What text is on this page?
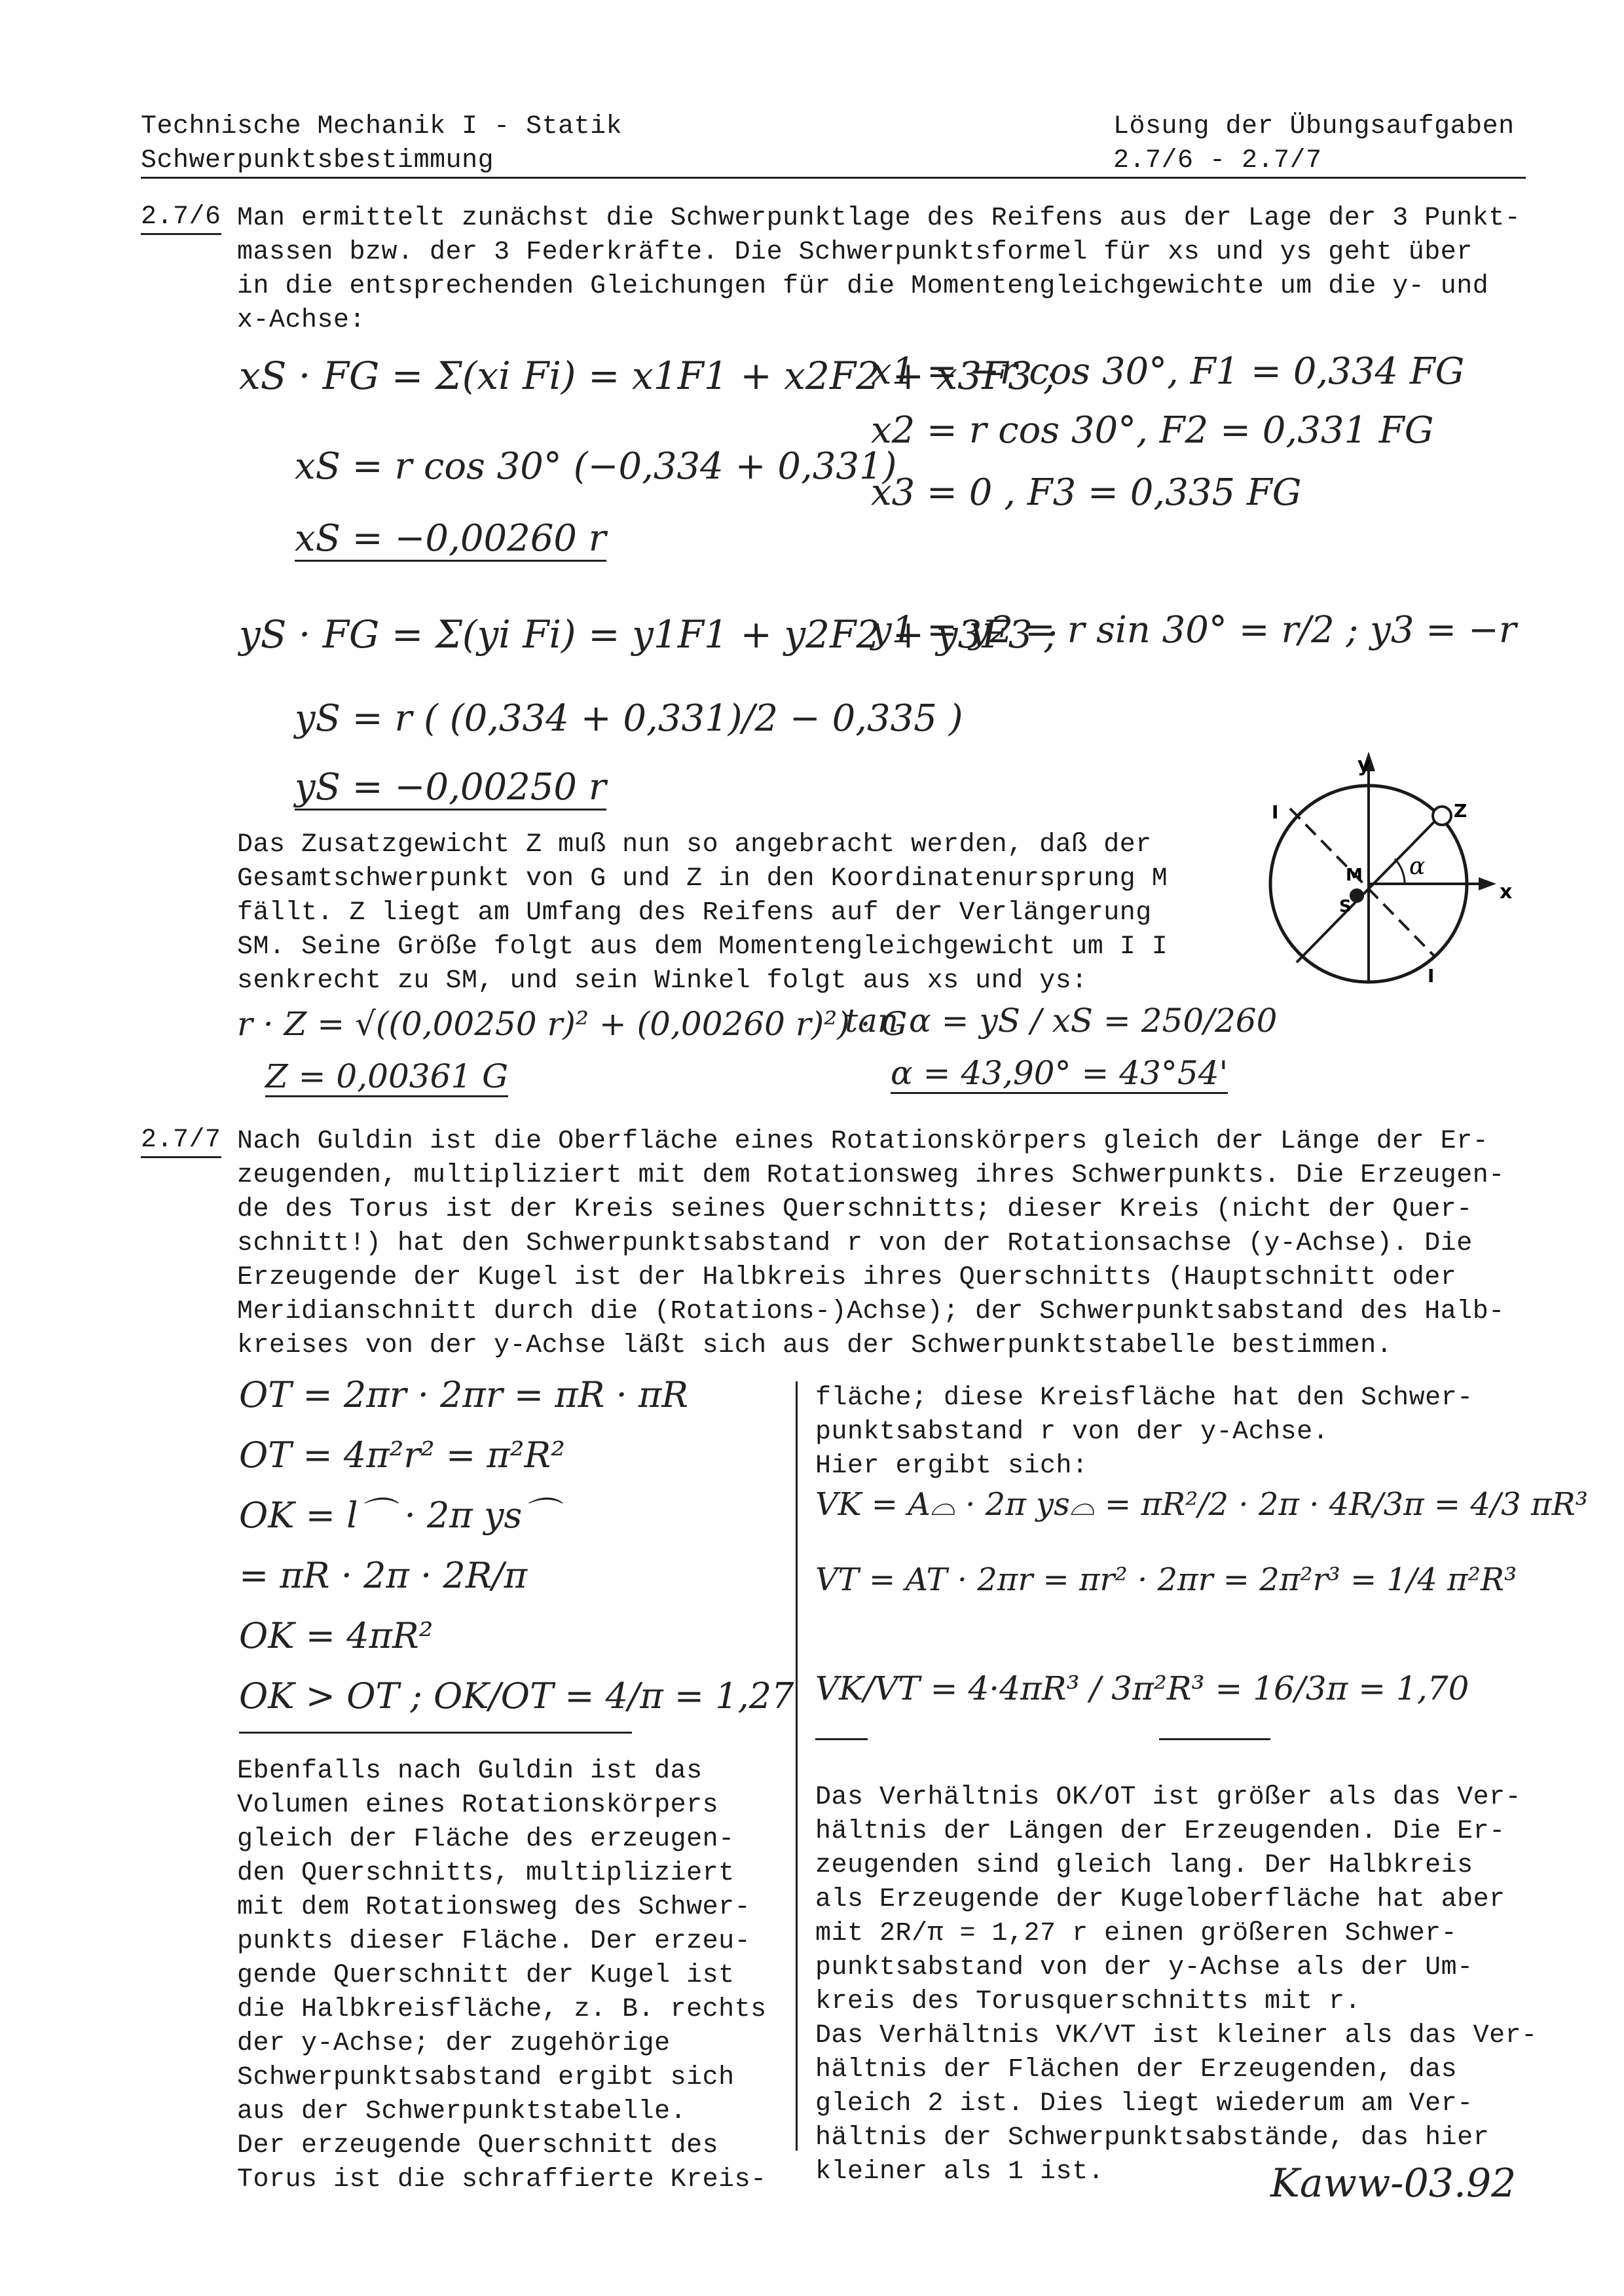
Technische Mechanik I - Statik
Schwerpunktsbestimmung
Lösung der Übungsaufgaben
2.7/6 - 2.7/7
2.7/6 Man ermittelt zunächst die Schwerpunktlage des Reifens aus der Lage der 3 Punkt-
massen bzw. der 3 Federkräfte. Die Schwerpunktsformel für xs und ys geht über
in die entsprechenden Gleichungen für die Momentengleichgewichte um die y- und
x-Achse:
xS · FG = Σ(xi Fi) = x1F1 + x2F2 + x3F3 ;
x1 = −r cos 30°, F1 = 0,334 FG
x2 = r cos 30°, F2 = 0,331 FG
x3 = 0 , F3 = 0,335 FG
xS = r cos 30° (−0,334 + 0,331)
xS = −0,00260 r
yS · FG = Σ(yi Fi) = y1F1 + y2F2 + y3F3 ;
y1 = y2 = r sin 30° = r/2 ; y3 = −r
yS = r ( (0,334 + 0,331)/2 − 0,335 )
yS = −0,00250 r
Das Zusatzgewicht Z muß nun so angebracht werden, daß der
Gesamtschwerpunkt von G und Z in den Koordinatenursprung M
fällt. Z liegt am Umfang des Reifens auf der Verlängerung
SM. Seine Größe folgt aus dem Momentengleichgewicht um I I
senkrecht zu SM, und sein Winkel folgt aus xs und ys:
r · Z = √((0,00250 r)² + (0,00260 r)²) · G
tan α = yS / xS = 250/260
Z = 0,00361 G	α = 43,90° = 43°54'
y
x
Z
M
S
I
I
α
2.7/7 Nach Guldin ist die Oberfläche eines Rotationskörpers gleich der Länge der Er-
zeugenden, multipliziert mit dem Rotationsweg ihres Schwerpunkts. Die Erzeugen-
de des Torus ist der Kreis seines Querschnitts; dieser Kreis (nicht der Quer-
schnitt!) hat den Schwerpunktsabstand r von der Rotationsachse (y-Achse). Die
Erzeugende der Kugel ist der Halbkreis ihres Querschnitts (Hauptschnitt oder
Meridianschnitt durch die (Rotations-)Achse); der Schwerpunktsabstand des Halb-
kreises von der y-Achse läßt sich aus der Schwerpunktstabelle bestimmen.
OT = 2πr · 2πr = πR · πR
OT = 4π²r² = π²R²
OK = l⌒ · 2π ys⌒
= πR · 2π · 2R/π
OK = 4πR²
OK > OT ; OK/OT = 4/π = 1,27
Ebenfalls nach Guldin ist das
Volumen eines Rotationskörpers
gleich der Fläche des erzeugen-
den Querschnitts, multipliziert
mit dem Rotationsweg des Schwer-
punkts dieser Fläche. Der erzeu-
gende Querschnitt der Kugel ist
die Halbkreisfläche, z. B. rechts
der y-Achse; der zugehörige
Schwerpunktsabstand ergibt sich
aus der Schwerpunktstabelle.
Der erzeugende Querschnitt des
Torus ist die schraffierte Kreis-
fläche; diese Kreisfläche hat den Schwer-
punktsabstand r von der y-Achse.
Hier ergibt sich:
VK = A⌓ · 2π ys⌓ = πR²/2 · 2π · 4R/3π = 4/3 πR³
VT = AT · 2πr = πr² · 2πr = 2π²r³ = 1/4 π²R³
VK/VT = 4·4πR³ / 3π²R³ = 16/3π = 1,70
Das Verhältnis OK/OT ist größer als das Ver-
hältnis der Längen der Erzeugenden. Die Er-
zeugenden sind gleich lang. Der Halbkreis
als Erzeugende der Kugeloberfläche hat aber
mit 2R/π = 1,27 r einen größeren Schwer-
punktsabstand von der y-Achse als der Um-
kreis des Torusquerschnitts mit r.
Das Verhältnis VK/VT ist kleiner als das Ver-
hältnis der Flächen der Erzeugenden, das
gleich 2 ist. Dies liegt wiederum am Ver-
hältnis der Schwerpunktsabstände, das hier
kleiner als 1 ist.	Kaww-03.92
